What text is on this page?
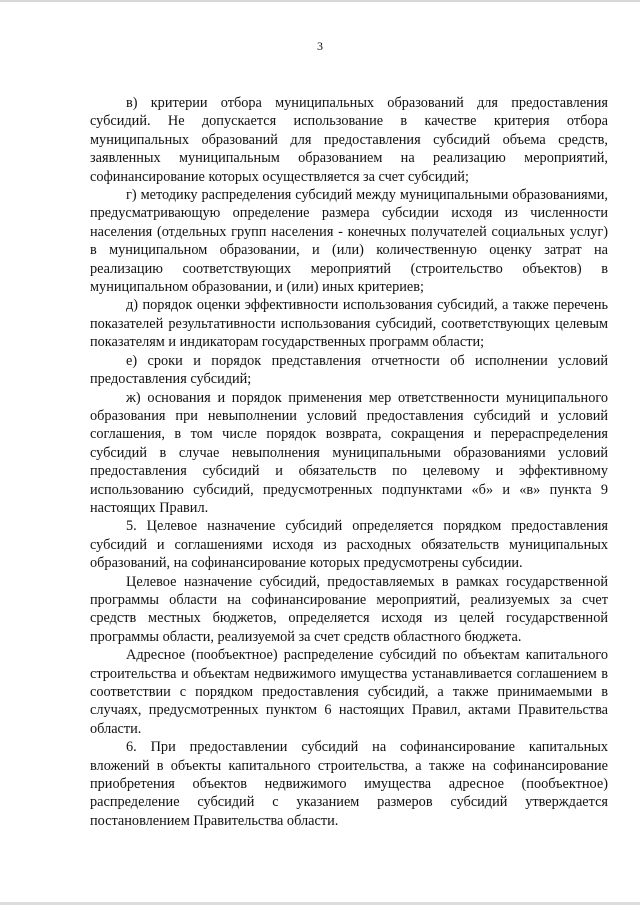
3

в) критерии отбора муниципальных образований для предоставления субсидий. Не допускается использование в качестве критерия отбора муниципальных образований для предоставления субсидий объема средств, заявленных муниципальным образованием на реализацию мероприятий, софинансирование которых осуществляется за счет субсидий;

г) методику распределения субсидий между муниципальными образованиями, предусматривающую определение размера субсидии исходя из численности населения (отдельных групп населения - конечных получателей социальных услуг) в муниципальном образовании, и (или) количественную оценку затрат на реализацию соответствующих мероприятий (строительство объектов) в муниципальном образовании, и (или) иных критериев;

д) порядок оценки эффективности использования субсидий, а также перечень показателей результативности использования субсидий, соответствующих целевым показателям и индикаторам государственных программ области;

е) сроки и порядок представления отчетности об исполнении условий предоставления субсидий;

ж) основания и порядок применения мер ответственности муниципального образования при невыполнении условий предоставления субсидий и условий соглашения, в том числе порядок возврата, сокращения и перераспределения субсидий в случае невыполнения муниципальными образованиями условий предоставления субсидий и обязательств по целевому и эффективному использованию субсидий, предусмотренных подпунктами «б» и «в» пункта 9 настоящих Правил.

5. Целевое назначение субсидий определяется порядком предоставления субсидий и соглашениями исходя из расходных обязательств муниципальных образований, на софинансирование которых предусмотрены субсидии.

Целевое назначение субсидий, предоставляемых в рамках государственной программы области на софинансирование мероприятий, реализуемых за счет средств местных бюджетов, определяется исходя из целей государственной программы области, реализуемой за счет средств областного бюджета.

Адресное (пообъектное) распределение субсидий по объектам капитального строительства и объектам недвижимого имущества устанавливается соглашением в соответствии с порядком предоставления субсидий, а также принимаемыми в случаях, предусмотренных пунктом 6 настоящих Правил, актами Правительства области.

6. При предоставлении субсидий на софинансирование капитальных вложений в объекты капитального строительства, а также на софинансирование приобретения объектов недвижимого имущества адресное (пообъектное) распределение субсидий с указанием размеров субсидий утверждается постановлением Правительства области.
